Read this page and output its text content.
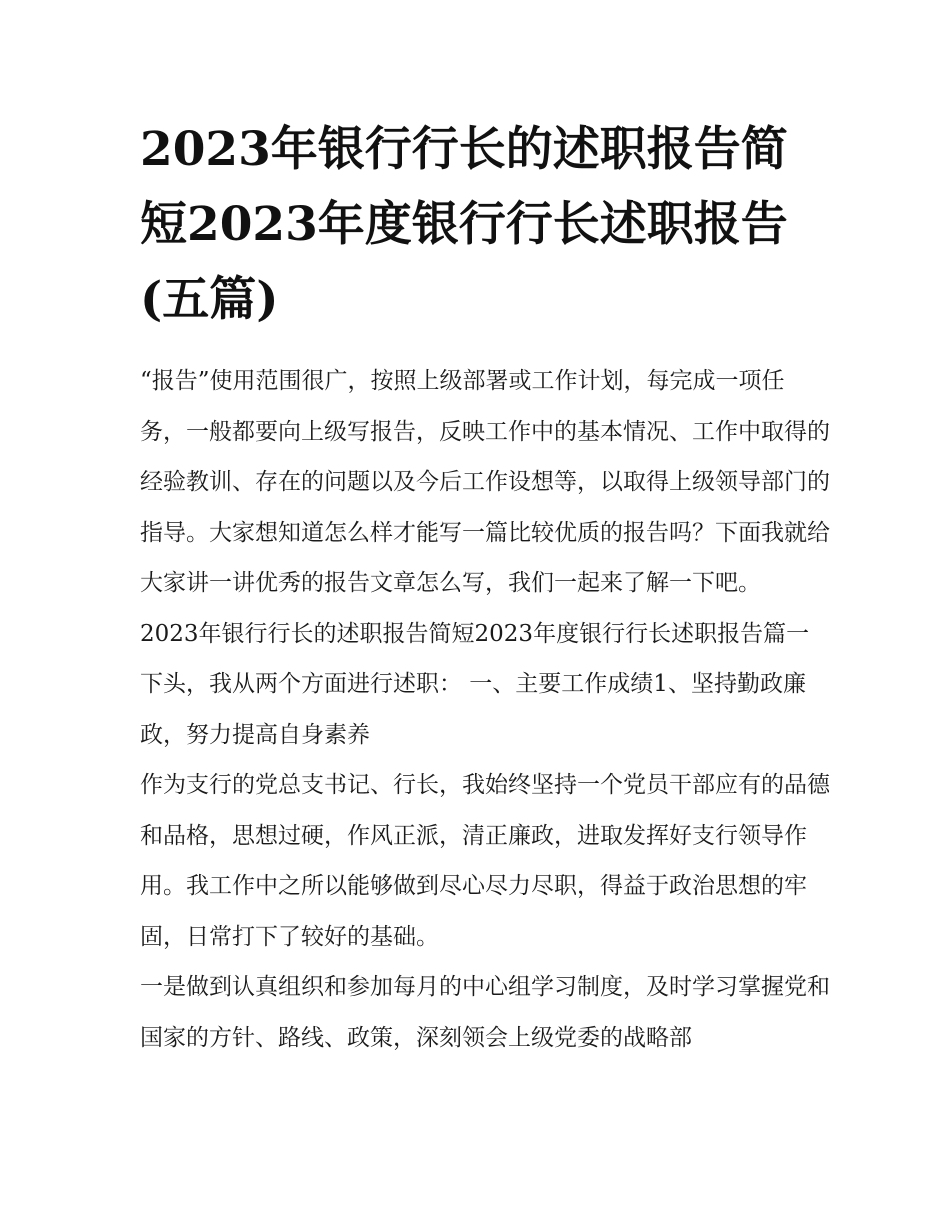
2023年银行行长的述职报告简短2023年度银行行长述职报告(五篇)

“报告”使用范围很广，按照上级部署或工作计划，每完成一项任务，一般都要向上级写报告，反映工作中的基本情况、工作中取得的经验教训、存在的问题以及今后工作设想等，以取得上级领导部门的指导。大家想知道怎么样才能写一篇比较优质的报告吗？下面我就给大家讲一讲优秀的报告文章怎么写，我们一起来了解一下吧。

2023年银行行长的述职报告简短2023年度银行行长述职报告篇一 下头，我从两个方面进行述职： 一、主要工作成绩1、坚持勤政廉政，努力提高自身素养

作为支行的党总支书记、行长，我始终坚持一个党员干部应有的品德和品格，思想过硬，作风正派，清正廉政，进取发挥好支行领导作用。我工作中之所以能够做到尽心尽力尽职，得益于政治思想的牢固，日常打下了较好的基础。

一是做到认真组织和参加每月的中心组学习制度，及时学习掌握党和国家的方针、路线、政策，深刻领会上级党委的战略部
